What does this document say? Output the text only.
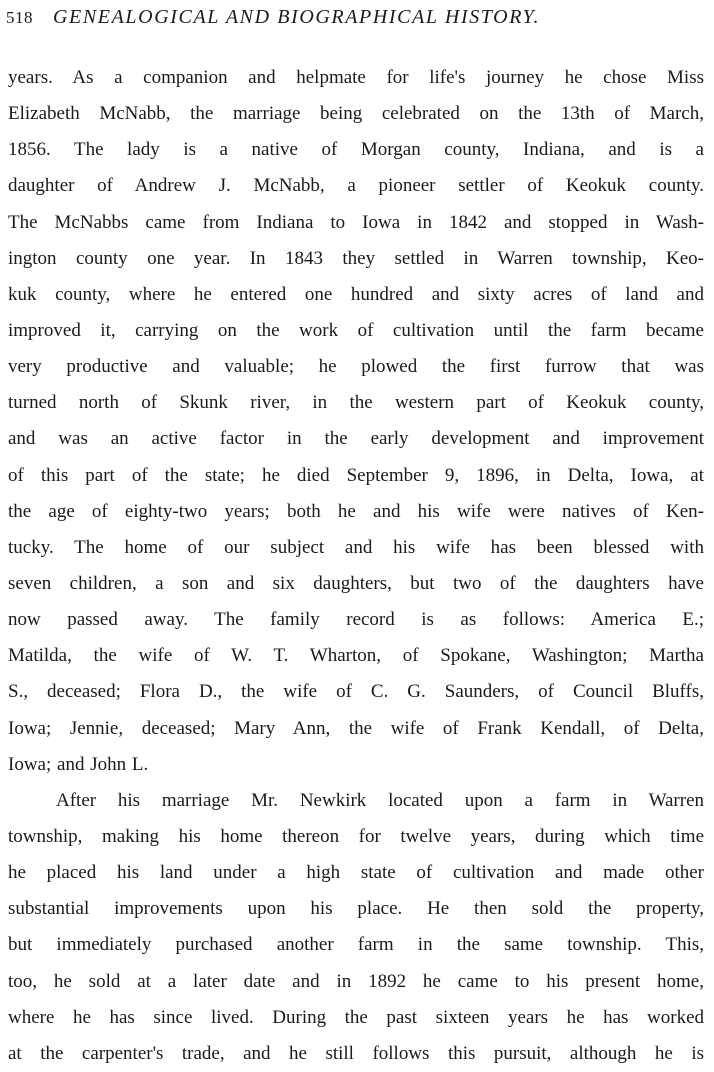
518 GENEALOGICAL AND BIOGRAPHICAL HISTORY.

years. As a companion and helpmate for life's journey he chose Miss
Elizabeth McNabb, the marriage being celebrated on the 13th of March,
1856. The lady is a native of Morgan county, Indiana, and is a
daughter of Andrew J. McNabb, a pioneer settler of Keokuk county.
The McNabbs came from Indiana to Iowa in 1842 and stopped in Wash-
ington county one year. In 1843 they settled in Warren township, Keo-
kuk county, where he entered one hundred and sixty acres of land and
improved it, carrying on the work of cultivation until the farm became
very productive and valuable; he plowed the first furrow that was
turned north of Skunk river, in the western part of Keokuk county,
and was an active factor in the early development and improvement
of this part of the state; he died September 9, 1896, in Delta, Iowa, at
the age of eighty-two years; both he and his wife were natives of Ken-
tucky. The home of our subject and his wife has been blessed with
seven children, a son and six daughters, but two of the daughters have
now passed away. The family record is as follows: America E.;
Matilda, the wife of W. T. Wharton, of Spokane, Washington; Martha
S., deceased; Flora D., the wife of C. G. Saunders, of Council Bluffs,
Iowa; Jennie, deceased; Mary Ann, the wife of Frank Kendall, of Delta,
Iowa; and John L.

After his marriage Mr. Newkirk located upon a farm in Warren
township, making his home thereon for twelve years, during which time
he placed his land under a high state of cultivation and made other
substantial improvements upon his place. He then sold the property,
but immediately purchased another farm in the same township. This,
too, he sold at a later date and in 1892 he came to his present home,
where he has since lived. During the past sixteen years he has worked
at the carpenter's trade, and he still follows this pursuit, although he is
